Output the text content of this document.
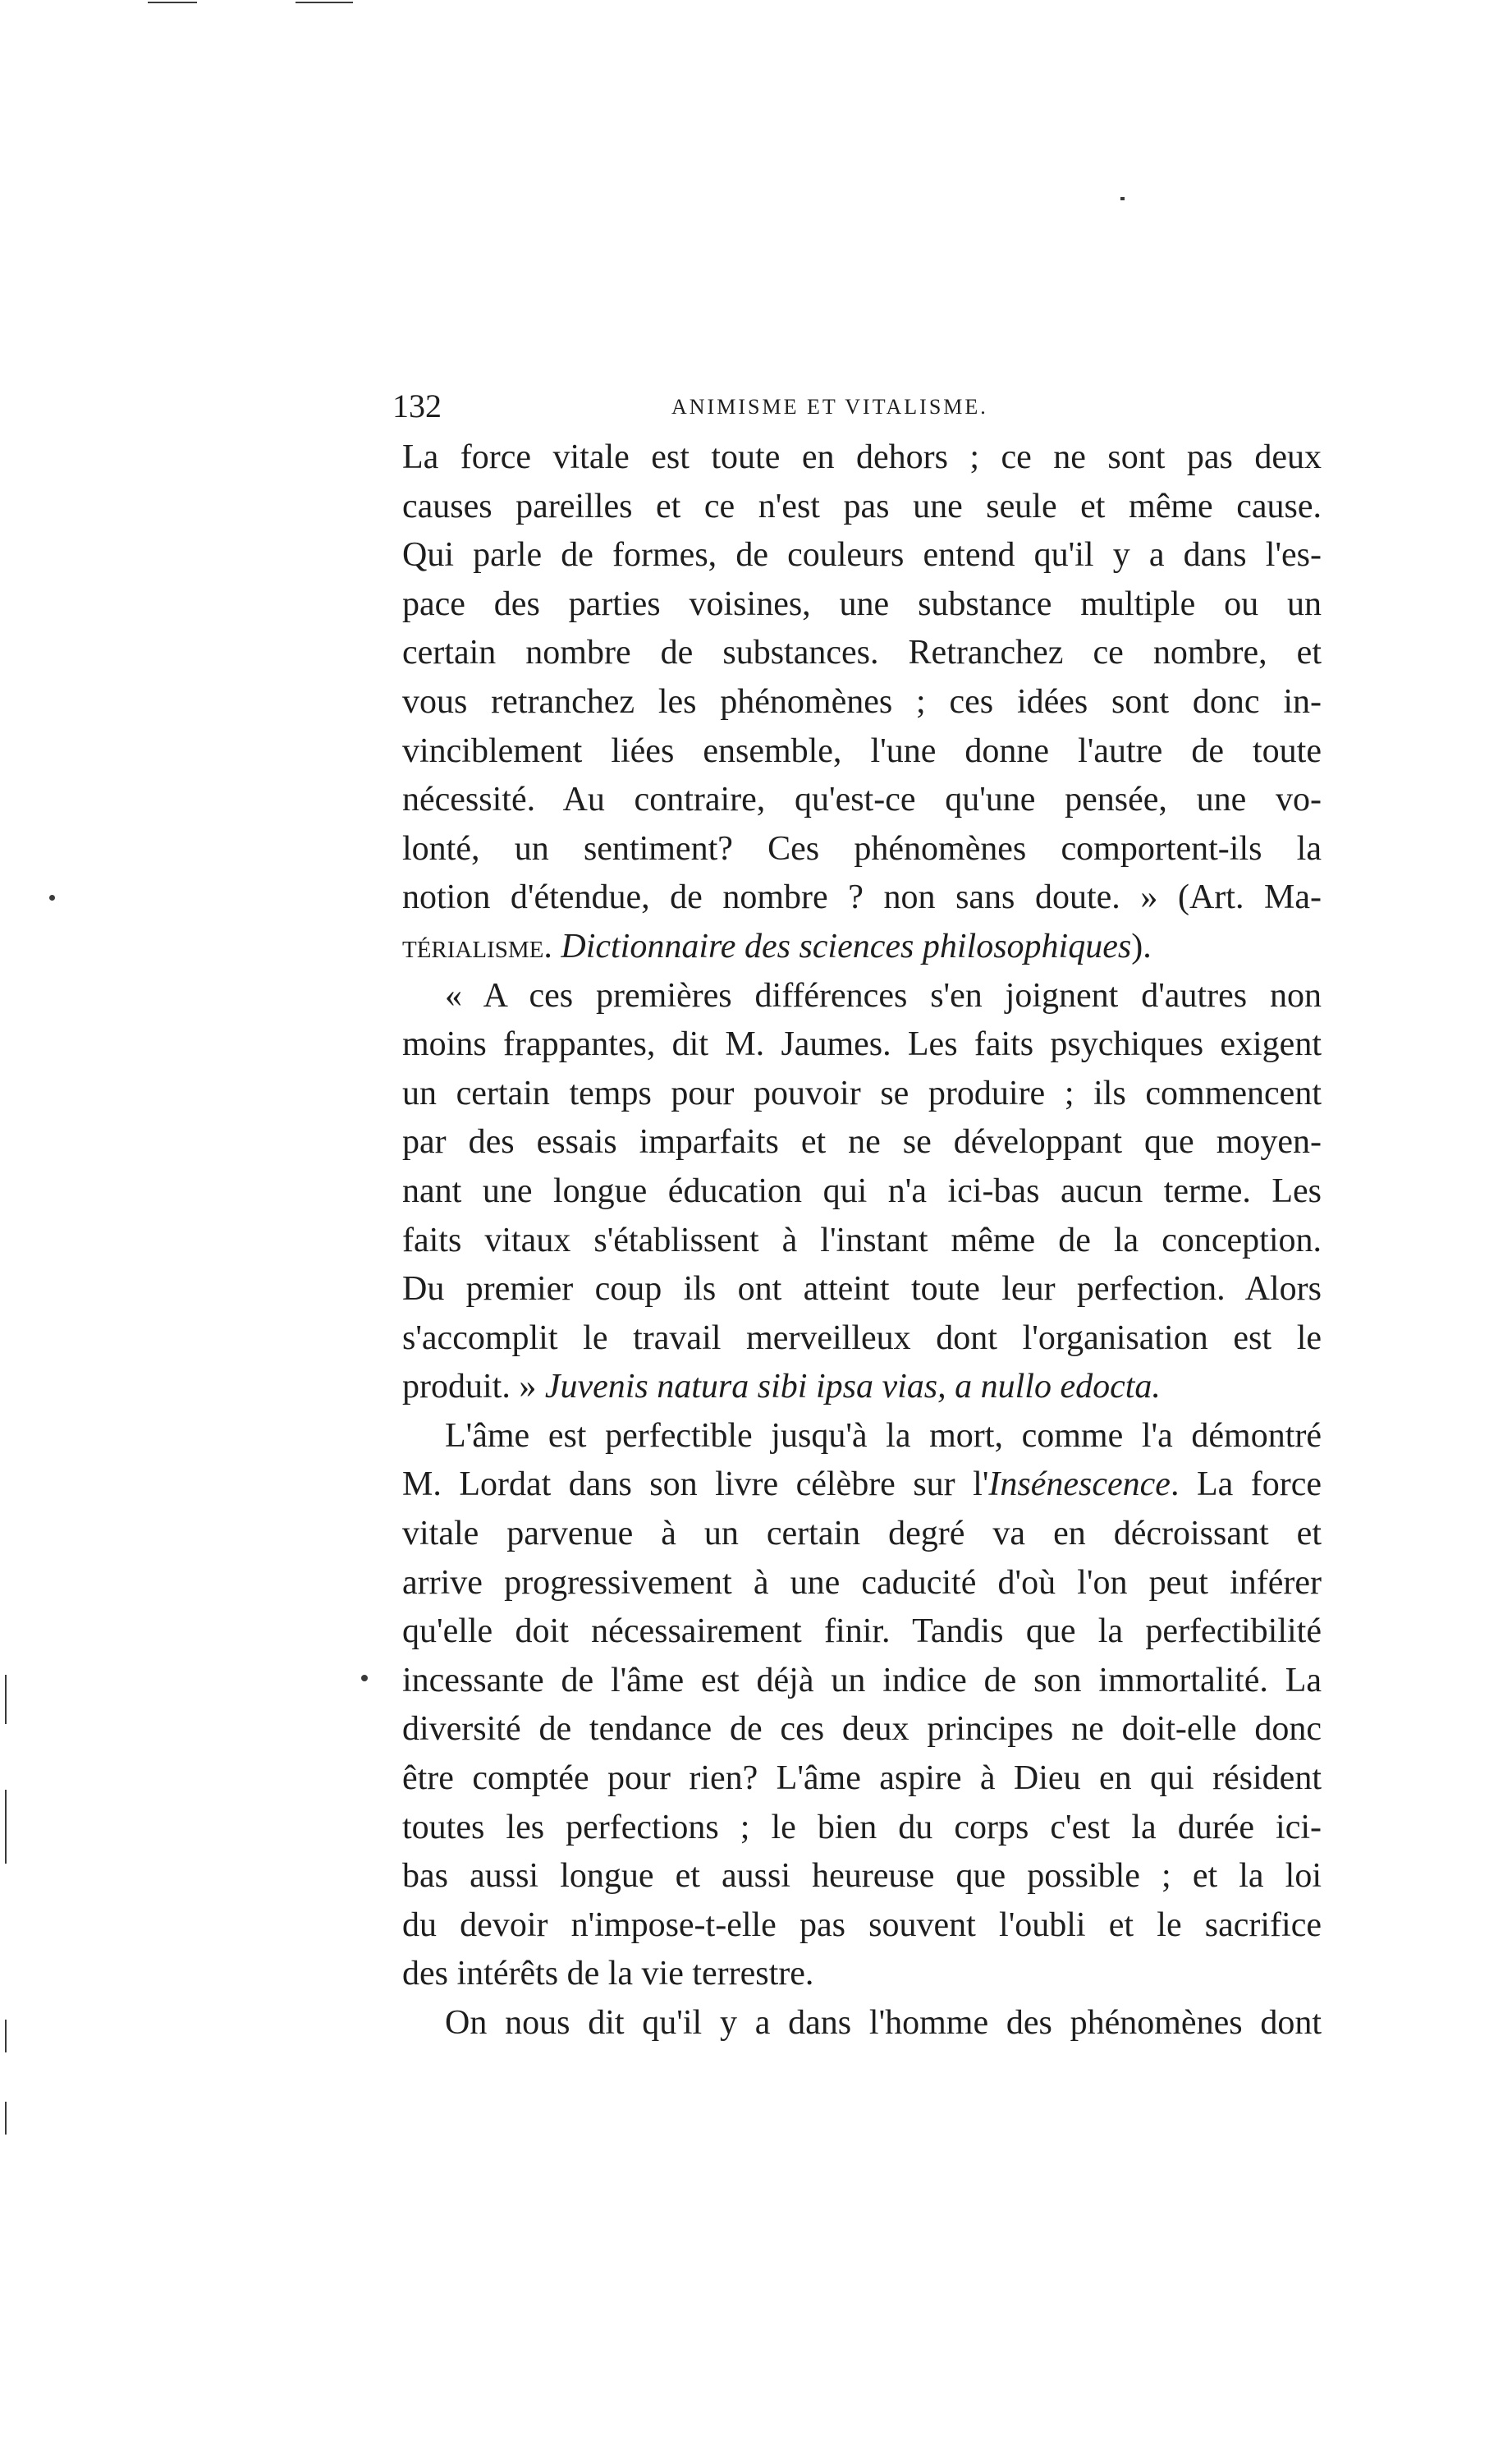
132	ANIMISME ET VITALISME.
La force vitale est toute en dehors ; ce ne sont pas deux
causes pareilles et ce n'est pas une seule et même cause.
Qui parle de formes, de couleurs entend qu'il y a dans l'es-
pace des parties voisines, une substance multiple ou un
certain nombre de substances. Retranchez ce nombre, et
vous retranchez les phénomènes ; ces idées sont donc in-
vinciblement liées ensemble, l'une donne l'autre de toute
nécessité. Au contraire, qu'est-ce qu'une pensée, une vo-
lonté, un sentiment? Ces phénomènes comportent-ils la
notion d'étendue, de nombre ? non sans doute. » (Art. Ma-
térialisme. Dictionnaire des sciences philosophiques).
« A ces premières différences s'en joignent d'autres non
moins frappantes, dit M. Jaumes. Les faits psychiques exigent
un certain temps pour pouvoir se produire ; ils commencent
par des essais imparfaits et ne se développant que moyen-
nant une longue éducation qui n'a ici-bas aucun terme. Les
faits vitaux s'établissent à l'instant même de la conception.
Du premier coup ils ont atteint toute leur perfection. Alors
s'accomplit le travail merveilleux dont l'organisation est le
produit. » Juvenis natura sibi ipsa vias, a nullo edocta.
L'âme est perfectible jusqu'à la mort, comme l'a démontré
M. Lordat dans son livre célèbre sur l'Insénescence. La force
vitale parvenue à un certain degré va en décroissant et
arrive progressivement à une caducité d'où l'on peut inférer
qu'elle doit nécessairement finir. Tandis que la perfectibilité
incessante de l'âme est déjà un indice de son immortalité. La
diversité de tendance de ces deux principes ne doit-elle donc
être comptée pour rien? L'âme aspire à Dieu en qui résident
toutes les perfections ; le bien du corps c'est la durée ici-
bas aussi longue et aussi heureuse que possible ; et la loi
du devoir n'impose-t-elle pas souvent l'oubli et le sacrifice
des intérêts de la vie terrestre.
On nous dit qu'il y a dans l'homme des phénomènes dont
